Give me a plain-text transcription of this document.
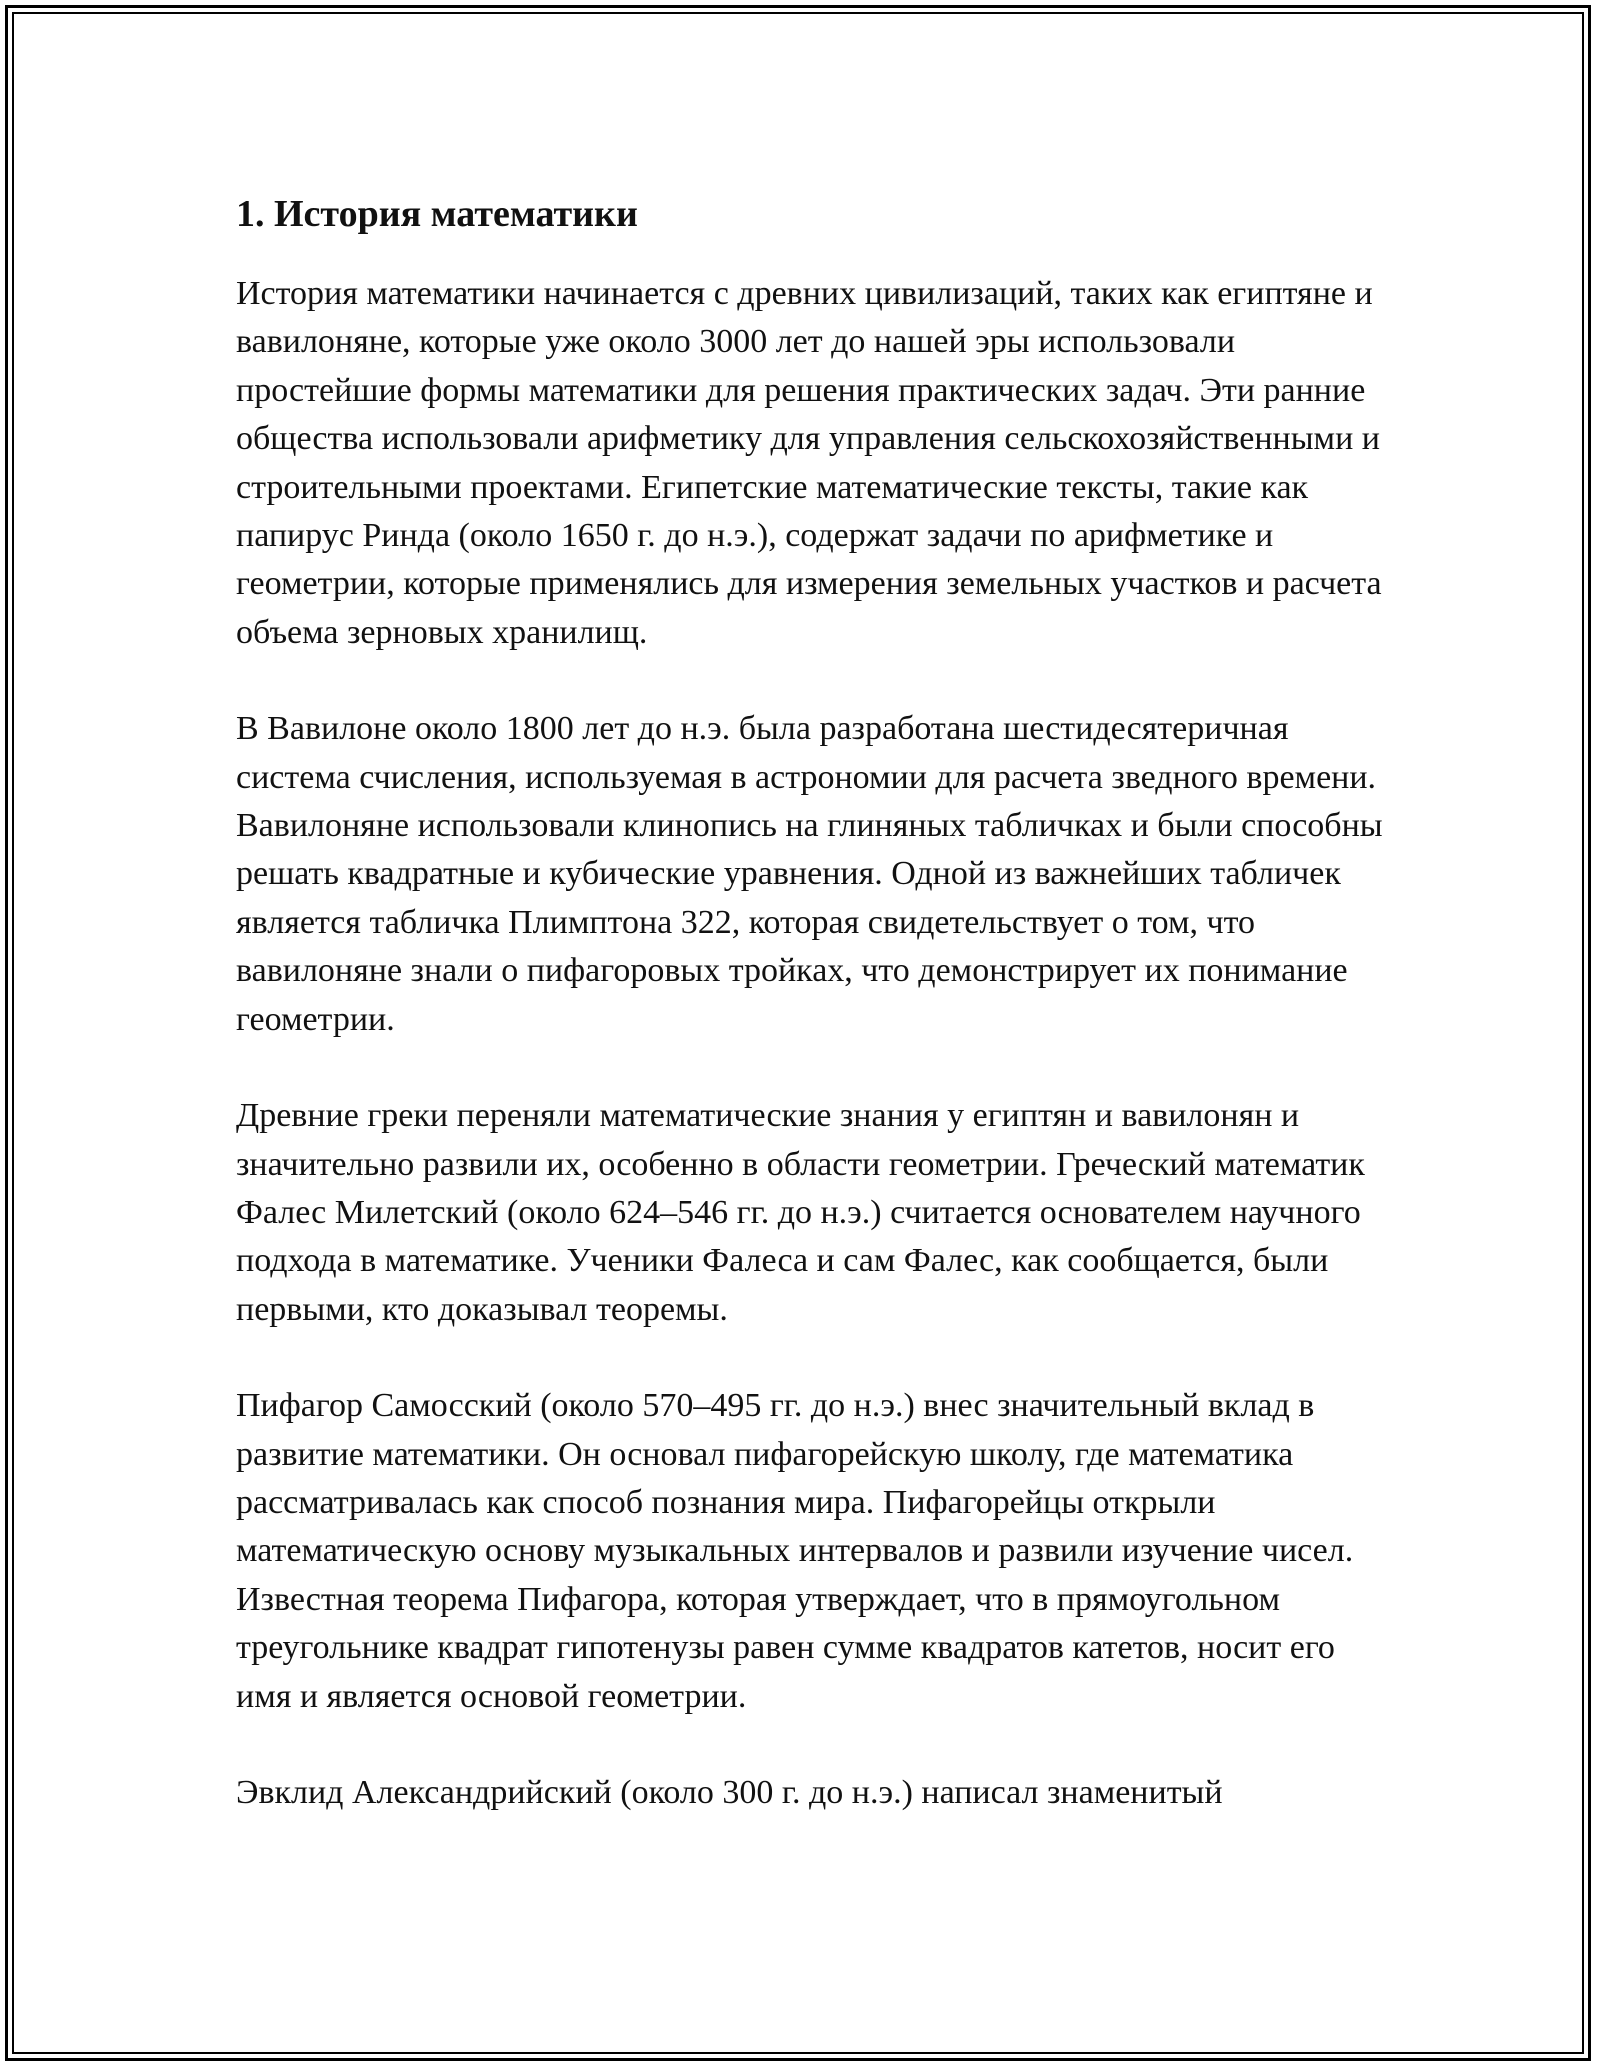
1. История математики

История математики начинается с древних цивилизаций, таких как египтяне и вавилоняне, которые уже около 3000 лет до нашей эры использовали простейшие формы математики для решения практических задач. Эти ранние общества использовали арифметику для управления сельскохозяйственными и строительными проектами. Египетские математические тексты, такие как папирус Ринда (около 1650 г. до н.э.), содержат задачи по арифметике и геометрии, которые применялись для измерения земельных участков и расчета объема зерновых хранилищ.

В Вавилоне около 1800 лет до н.э. была разработана шестидесятеричная система счисления, используемая в астрономии для расчета зведного времени. Вавилоняне использовали клинопись на глиняных табличках и были способны решать квадратные и кубические уравнения. Одной из важнейших табличек является табличка Плимптона 322, которая свидетельствует о том, что вавилоняне знали о пифагоровых тройках, что демонстрирует их понимание геометрии.

Древние греки переняли математические знания у египтян и вавилонян и значительно развили их, особенно в области геометрии. Греческий математик Фалес Милетский (около 624–546 гг. до н.э.) считается основателем научного подхода в математике. Ученики Фалеса и сам Фалес, как сообщается, были первыми, кто доказывал теоремы.

Пифагор Самосский (около 570–495 гг. до н.э.) внес значительный вклад в развитие математики. Он основал пифагорейскую школу, где математика рассматривалась как способ познания мира. Пифагорейцы открыли математическую основу музыкальных интервалов и развили изучение чисел. Известная теорема Пифагора, которая утверждает, что в прямоугольном треугольнике квадрат гипотенузы равен сумме квадратов катетов, носит его имя и является основой геометрии.

Эвклид Александрийский (около 300 г. до н.э.) написал знаменитый
